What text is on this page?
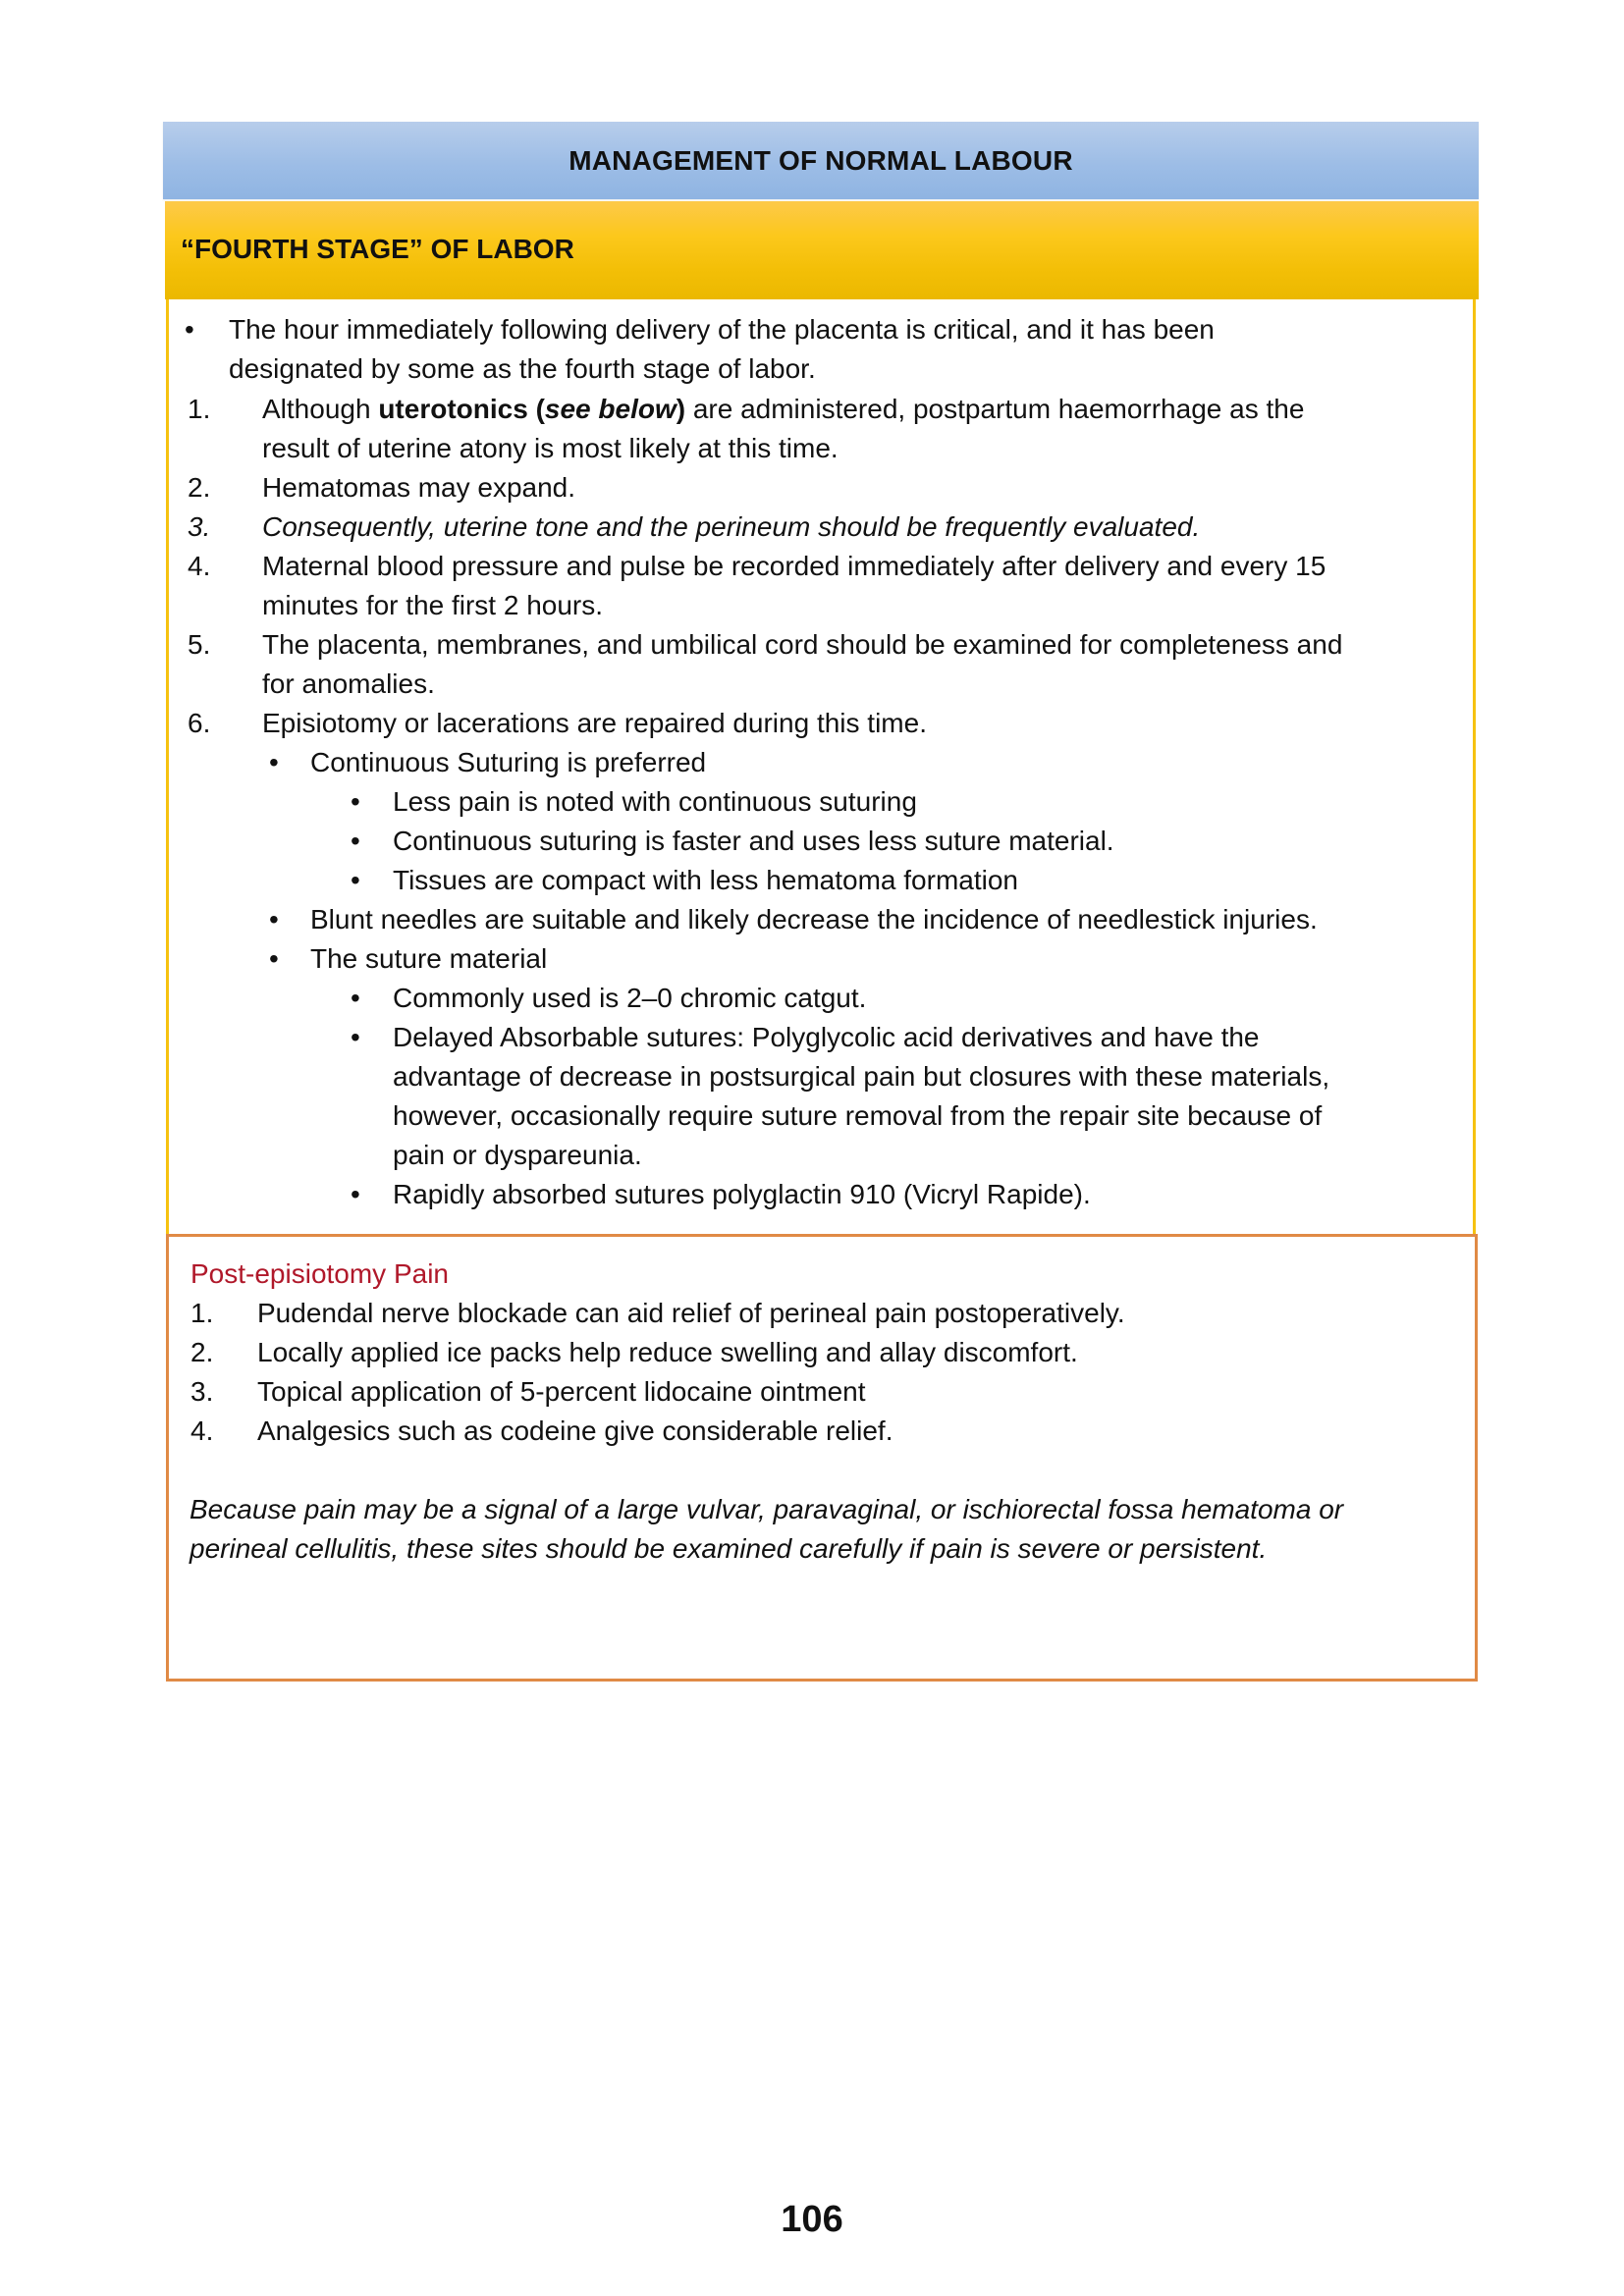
MANAGEMENT OF NORMAL LABOUR
“FOURTH STAGE” OF LABOR
• The hour immediately following delivery of the placenta is critical, and it has been
designated by some as the fourth stage of labor.
1. Although uterotonics (see below) are administered, postpartum haemorrhage as the
result of uterine atony is most likely at this time.
2. Hematomas may expand.
3. Consequently, uterine tone and the perineum should be frequently evaluated.
4. Maternal blood pressure and pulse be recorded immediately after delivery and every 15
minutes for the first 2 hours.
5. The placenta, membranes, and umbilical cord should be examined for completeness and
for anomalies.
6. Episiotomy or lacerations are repaired during this time.
• Continuous Suturing is preferred
• Less pain is noted with continuous suturing
• Continuous suturing is faster and uses less suture material.
• Tissues are compact with less hematoma formation
• Blunt needles are suitable and likely decrease the incidence of needlestick injuries.
• The suture material
• Commonly used is 2–0 chromic catgut.
• Delayed Absorbable sutures: Polyglycolic acid derivatives and have the
advantage of decrease in postsurgical pain but closures with these materials,
however, occasionally require suture removal from the repair site because of
pain or dyspareunia.
• Rapidly absorbed sutures polyglactin 910 (Vicryl Rapide).
Post-episiotomy Pain
1. Pudendal nerve blockade can aid relief of perineal pain postoperatively.
2. Locally applied ice packs help reduce swelling and allay discomfort.
3. Topical application of 5-percent lidocaine ointment
4. Analgesics such as codeine give considerable relief.
Because pain may be a signal of a large vulvar, paravaginal, or ischiorectal fossa hematoma or
perineal cellulitis, these sites should be examined carefully if pain is severe or persistent.
106
